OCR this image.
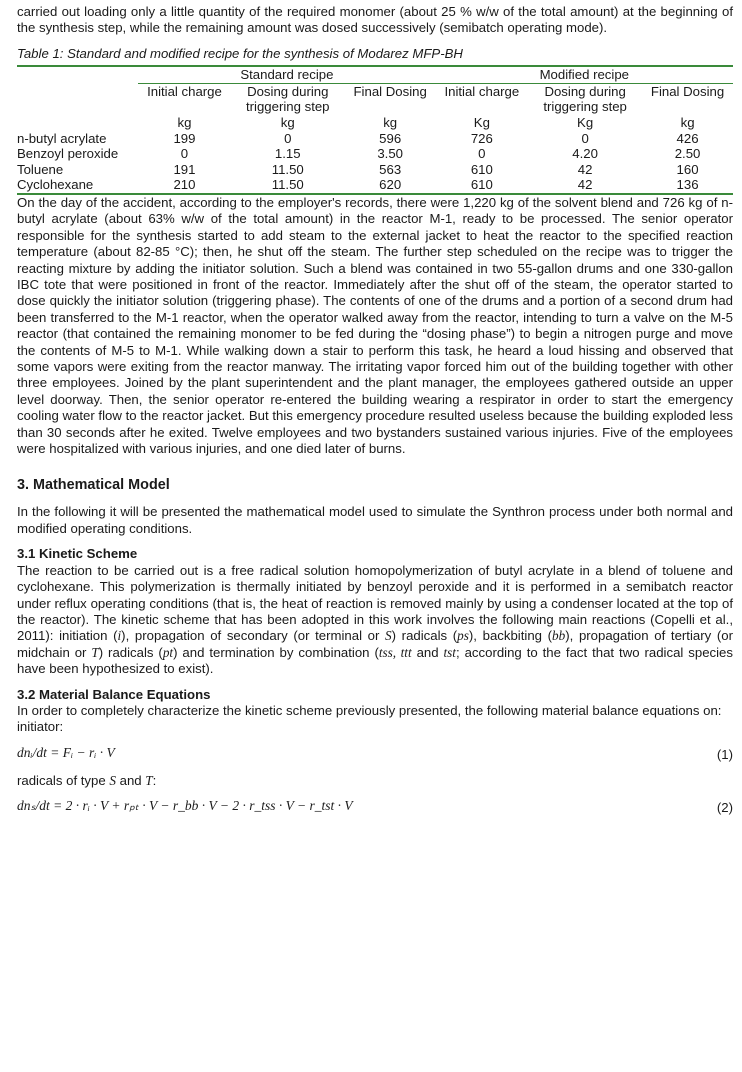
carried out loading only a little quantity of the required monomer (about 25 % w/w of the total amount) at the beginning of the synthesis step, while the remaining amount was dosed successively (semibatch operating mode).

Table 1: Standard and modified recipe for the synthesis of Modarez MFP-BH

	Standard recipe			Modified recipe		
	Initial charge	Dosing during triggering step	Final Dosing	Initial charge	Dosing during triggering step	Final Dosing
	kg	kg	kg	Kg	Kg	kg
n-butyl acrylate	199	0	596	726	0	426
Benzoyl peroxide	0	1.15	3.50	0	4.20	2.50
Toluene	191	11.50	563	610	42	160
Cyclohexane	210	11.50	620	610	42	136

On the day of the accident, according to the employer's records, there were 1,220 kg of the solvent blend and 726 kg of n-butyl acrylate (about 63% w/w of the total amount) in the reactor M-1, ready to be processed. The senior operator responsible for the synthesis started to add steam to the external jacket to heat the reactor to the specified reaction temperature (about 82-85 °C); then, he shut off the steam. The further step scheduled on the recipe was to trigger the reacting mixture by adding the initiator solution. Such a blend was contained in two 55-gallon drums and one 330-gallon IBC tote that were positioned in front of the reactor. Immediately after the shut off of the steam, the operator started to dose quickly the initiator solution (triggering phase). The contents of one of the drums and a portion of a second drum had been transferred to the M-1 reactor, when the operator walked away from the reactor, intending to turn a valve on the M-5 reactor (that contained the remaining monomer to be fed during the “dosing phase”) to begin a nitrogen purge and move the contents of M-5 to M-1. While walking down a stair to perform this task, he heard a loud hissing and observed that some vapors were exiting from the reactor manway. The irritating vapor forced him out of the building together with other three employees. Joined by the plant superintendent and the plant manager, the employees gathered outside an upper level doorway. Then, the senior operator re-entered the building wearing a respirator in order to start the emergency cooling water flow to the reactor jacket. But this emergency procedure resulted useless because the building exploded less than 30 seconds after he exited. Twelve employees and two bystanders sustained various injuries. Five of the employees were hospitalized with various injuries, and one died later of burns.

3. Mathematical Model

In the following it will be presented the mathematical model used to simulate the Synthron process under both normal and modified operating conditions.

3.1 Kinetic Scheme

The reaction to be carried out is a free radical solution homopolymerization of butyl acrylate in a blend of toluene and cyclohexane. This polymerization is thermally initiated by benzoyl peroxide and it is performed in a semibatch reactor under reflux operating conditions (that is, the heat of reaction is removed mainly by using a condenser located at the top of the reactor). The kinetic scheme that has been adopted in this work involves the following main reactions (Copelli et al., 2011): initiation (i), propagation of secondary (or terminal or S) radicals (ps), backbiting (bb), propagation of tertiary (or midchain or T) radicals (pt) and termination by combination (tss, ttt and tst; according to the fact that two radical species have been hypothesized to exist).

3.2 Material Balance Equations

In order to completely characterize the kinetic scheme previously presented, the following material balance equations on:

initiator:

dnᵢ/dt = Fᵢ − rᵢ · V	(1)

radicals of type S and T:

dnₛ/dt = 2 · rᵢ · V + rₚₜ · V − r_bb · V − 2 · r_tss · V − r_tst · V	(2)
